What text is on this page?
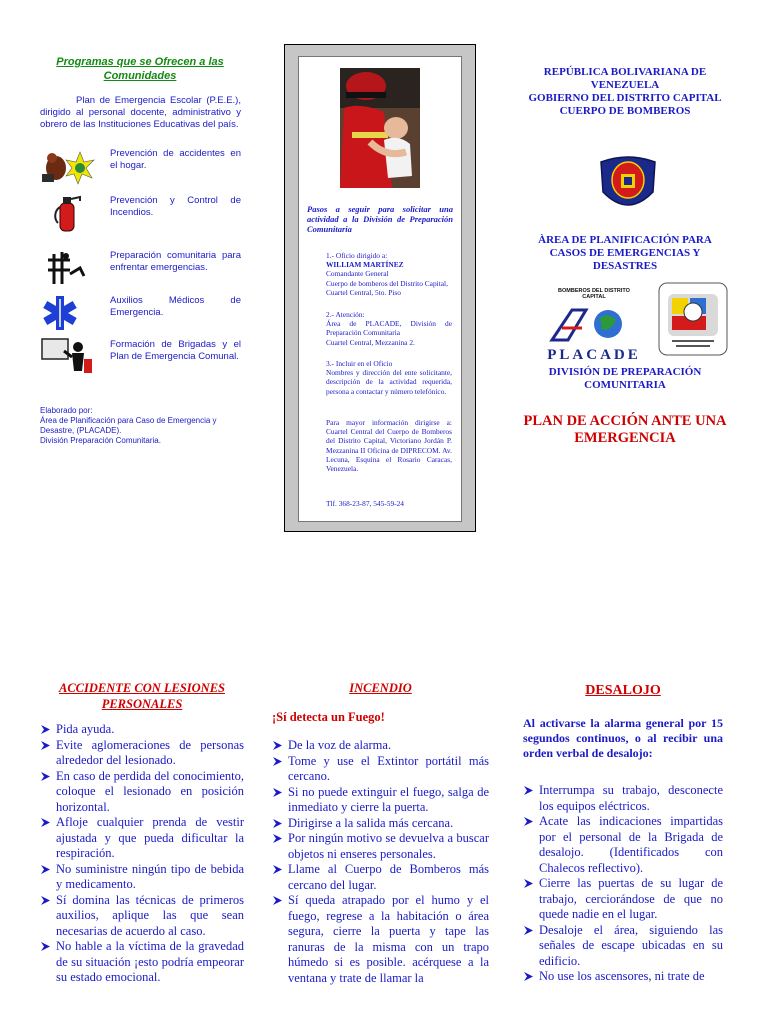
Programas que se Ofrecen a las Comunidades
Plan de Emergencia Escolar (P.E.E.), dirigido al personal docente, administrativo y obrero de las Instituciones Educativas del país.
Prevención de accidentes en el hogar.
Prevención y Control de Incendios.
Preparación comunitaria para enfrentar emergencias.
Auxilios Médicos de Emergencia.
Formación de Brigadas y el Plan de Emergencia Comunal.
Elaborado por:
Área de Planificación para Caso de Emergencia y Desastre, (PLACADE).
División Preparación Comunitaria.
Pasos a seguir para solicitar una actividad a la División de Preparación Comunitaria
1.- Oficio dirigido a:
WILLIAM MARTÍNEZ
Comandante General
Cuerpo de bomberos del Distrito Capital, Cuartel Central, 5to. Piso
2.- Atención:
Área de PLACADE, División de Preparación Comunitaria
Cuartel Central, Mezzanina 2.
3.- Incluir en el Oficio
Nombres y dirección del ente solicitante, descripción de la actividad requerida, persona a contactar y número telefónico.
Para mayor información dirigirse a: Cuartel Central del Cuerpo de Bomberos del Distrito Capital, Victoriano Jordán P. Mezzanina II Oficina de DIPRECOM. Av. Lecuna, Esquina el Rosario Caracas, Venezuela.
Tlf. 368-23-87, 545-59-24
REPÚBLICA BOLIVARIANA DE VENEZUELA
GOBIERNO DEL DISTRITO CAPITAL
CUERPO DE BOMBEROS
ÀREA DE PLANIFICACIÓN PARA CASOS DE EMERGENCIAS Y DESASTRES
BOMBEROS DEL DISTRITO CAPITAL
PLACADE
DIVISIÓN DE PREPARACIÓN COMUNITARIA
PLAN DE ACCIÓN ANTE UNA EMERGENCIA
ACCIDENTE CON LESIONES PERSONALES
Pida ayuda.
Evite aglomeraciones de personas alrededor del lesionado.
En caso de perdida del conocimiento, coloque el lesionado en posición horizontal.
Afloje cualquier prenda de vestir ajustada y que pueda dificultar la respiración.
No suministre ningún tipo de bebida y medicamento.
Sí domina las técnicas de primeros auxilios, aplique las que sean necesarias de acuerdo al caso.
No hable a la víctima de la gravedad de su situación ¡esto podría empeorar su estado emocional.
INCENDIO
¡Sí detecta un Fuego!
De la voz de alarma.
Tome y use el Extintor portátil más cercano.
Si no puede extinguir el fuego, salga de inmediato y cierre la puerta.
Dirigirse a la salida más cercana.
Por ningún motivo se devuelva a buscar objetos ni enseres personales.
Llame al Cuerpo de Bomberos más cercano del lugar.
Sí queda atrapado por el humo y el fuego, regrese a la habitación o área segura, cierre la puerta y tape las ranuras de la misma con un trapo húmedo si es posible. acérquese a la ventana y trate de llamar la
DESALOJO
Al activarse la alarma general por 15 segundos continuos, o al recibir una orden verbal de desalojo:
Interrumpa su trabajo, desconecte los equipos eléctricos.
Acate las indicaciones impartidas por el personal de la Brigada de desalojo. (Identificados con Chalecos reflectivo).
Cierre las puertas de su lugar de trabajo, cerciorándose de que no quede nadie en el lugar.
Desaloje el área, siguiendo las señales de escape ubicadas en su edificio.
No use los ascensores, ni trate de
